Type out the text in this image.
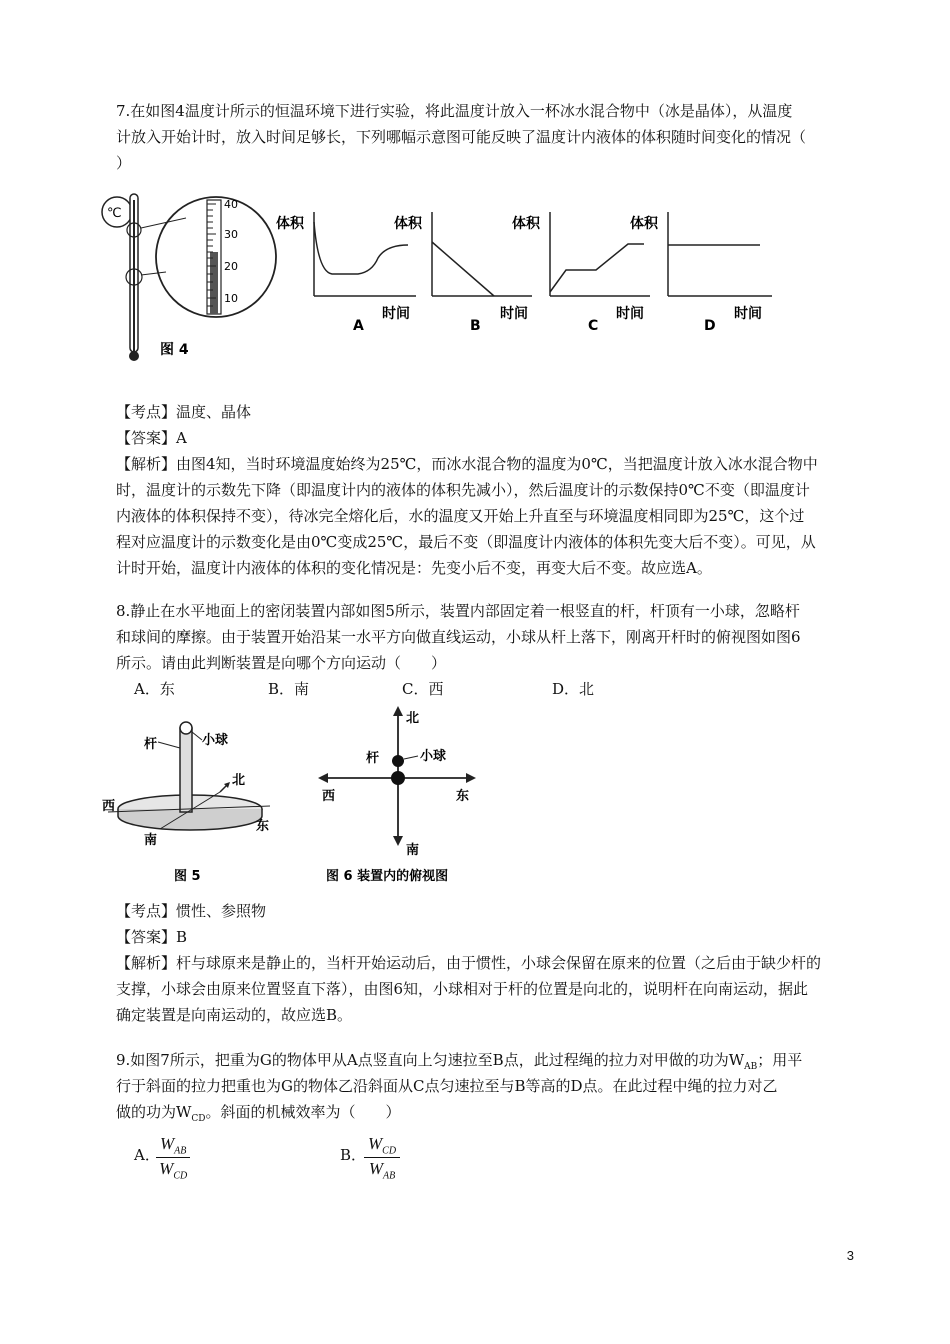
7.在如图4温度计所示的恒温环境下进行实验，将此温度计放入一杯冰水混合物中（冰是晶体），从温度
计放入开始计时，放入时间足够长，下列哪幅示意图可能反映了温度计内液体的体积随时间变化的情况（
）
℃
40
30
20
10
图 4
体积
时间
A
体积
时间
B
体积
时间
C
体积
时间
D
【考点】温度、晶体
【答案】A
【解析】由图4知，当时环境温度始终为25℃，而冰水混合物的温度为0℃，当把温度计放入冰水混合物中
时，温度计的示数先下降（即温度计内的液体的体积先减小），然后温度计的示数保持0℃不变（即温度计
内液体的体积保持不变），待冰完全熔化后，水的温度又开始上升直至与环境温度相同即为25℃，这个过
程对应温度计的示数变化是由0℃变成25℃，最后不变（即温度计内液体的体积先变大后不变）。可见，从
计时开始，温度计内液体的体积的变化情况是：先变小后不变，再变大后不变。故应选A。
8.静止在水平地面上的密闭装置内部如图5所示，装置内部固定着一根竖直的杆，杆顶有一小球，忽略杆
和球间的摩擦。由于装置开始沿某一水平方向做直线运动，小球从杆上落下，刚离开杆时的俯视图如图6
所示。请由此判断装置是向哪个方向运动（　　）
A．东	B．南	C．西	D．北
杆	小球
北
西
南
东
图 5
北
杆	小球
西	东
南
图 6 装置内的俯视图
【考点】惯性、参照物
【答案】B
【解析】杆与球原来是静止的，当杆开始运动后，由于惯性，小球会保留在原来的位置（之后由于缺少杆的
支撑，小球会由原来位置竖直下落），由图6知，小球相对于杆的位置是向北的，说明杆在向南运动，据此
确定装置是向南运动的，故应选B。
9.如图7所示，把重为G的物体甲从A点竖直向上匀速拉至B点，此过程绳的拉力对甲做的功为$W_{AB}$；用平
行于斜面的拉力把重也为G的物体乙沿斜面从C点匀速拉至与B等高的D点。在此过程中绳的拉力对乙
做的功为$W_{CD}$。斜面的机械效率为（　　）
A．
$W_{AB}$
$W_{CD}$
B．
$W_{CD}$
$W_{AB}$
3
